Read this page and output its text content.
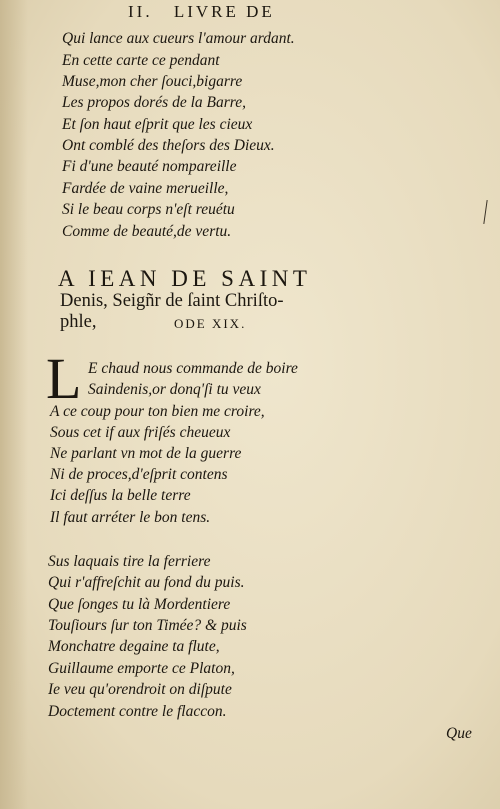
II. LIVRE DE
Qui lance aux cueurs l'amour ardant.
En cette carte ce pendant
Muse,mon cher ſouci,bigarre
Les propos dorés de la Barre,
Et ſon haut eſprit que les cieux
Ont comblé des theſors des Dieux.
Fi d'une beauté nompareille
Fardée de vaine merueille,
Si le beau corps n'eſt reuétu
Comme de beauté,de vertu.
A IEAN DE SAINT
Denis, Seigñr de ſaint Chriſto-
phle,	ODE XIX.
L E chaud nous commande de boire
Saindenis,or donq'ſi tu veux
A ce coup pour ton bien me croire,
Sous cet if aux friſés cheueux
Ne parlant vn mot de la guerre
Ni de proces,d'eſprit contens
Ici deſſus la belle terre
Il faut arréter le bon tens.
Sus laquais tire la ferriere
Qui r'affreſchit au fond du puis.
Que ſonges tu là Mordentiere
Touſiours ſur ton Timée? & puis
Monchatre degaine ta flute,
Guillaume emporte ce Platon,
Ie veu qu'orendroit on diſpute
Doctement contre le flaccon.
Que
